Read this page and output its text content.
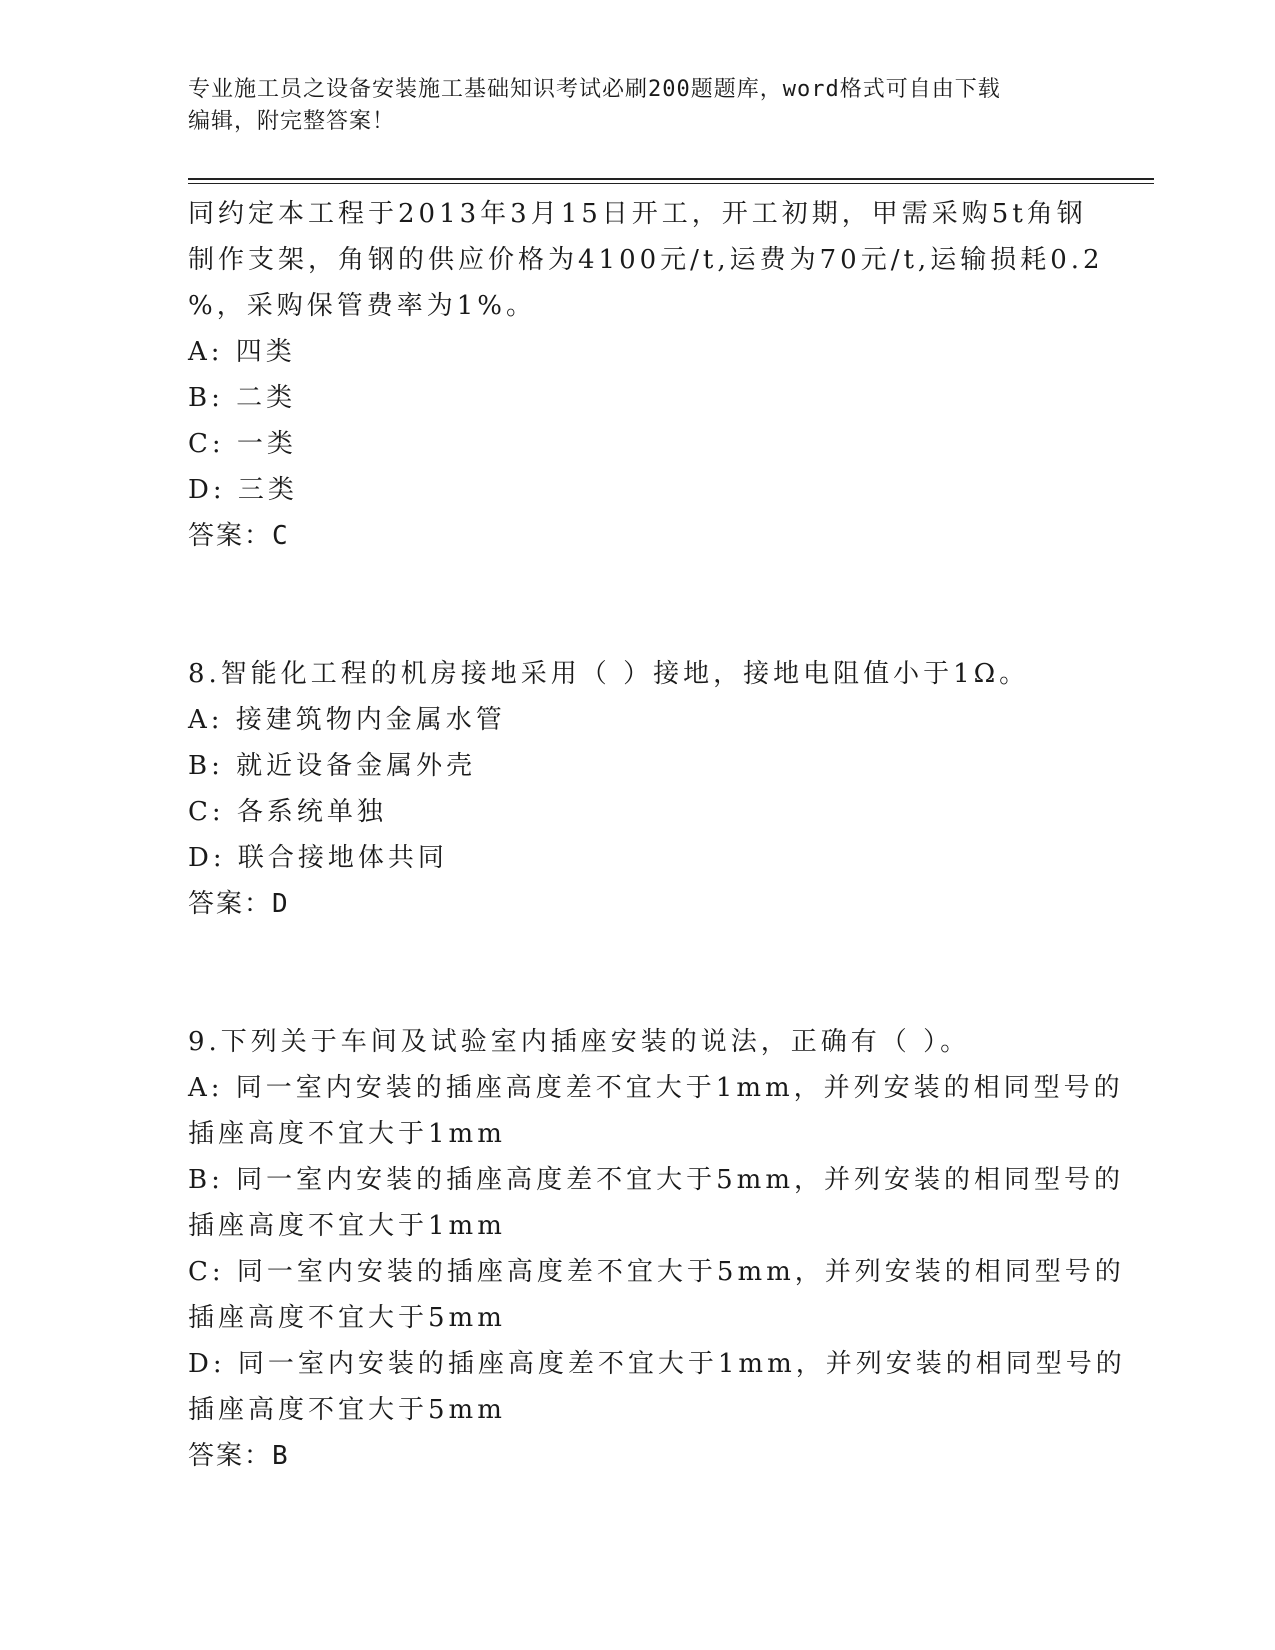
专业施工员之设备安装施工基础知识考试必刷200题题库，word格式可自由下载
编辑，附完整答案！
同约定本工程于2013年3月15日开工，开工初期，甲需采购5t角钢
制作支架，角钢的供应价格为4100元/t,运费为70元/t,运输损耗0.2
%，采购保管费率为1%。
A: 四类
B: 二类
C: 一类
D: 三类
答案：C
8.智能化工程的机房接地采用（ ）接地，接地电阻值小于1Ω。
A: 接建筑物内金属水管
B: 就近设备金属外壳
C: 各系统单独
D: 联合接地体共同
答案：D
9.下列关于车间及试验室内插座安装的说法，正确有（ ）。
A: 同一室内安装的插座高度差不宜大于1mm，并列安装的相同型号的
插座高度不宜大于1mm
B: 同一室内安装的插座高度差不宜大于5mm，并列安装的相同型号的
插座高度不宜大于1mm
C: 同一室内安装的插座高度差不宜大于5mm，并列安装的相同型号的
插座高度不宜大于5mm
D: 同一室内安装的插座高度差不宜大于1mm，并列安装的相同型号的
插座高度不宜大于5mm
答案：B
